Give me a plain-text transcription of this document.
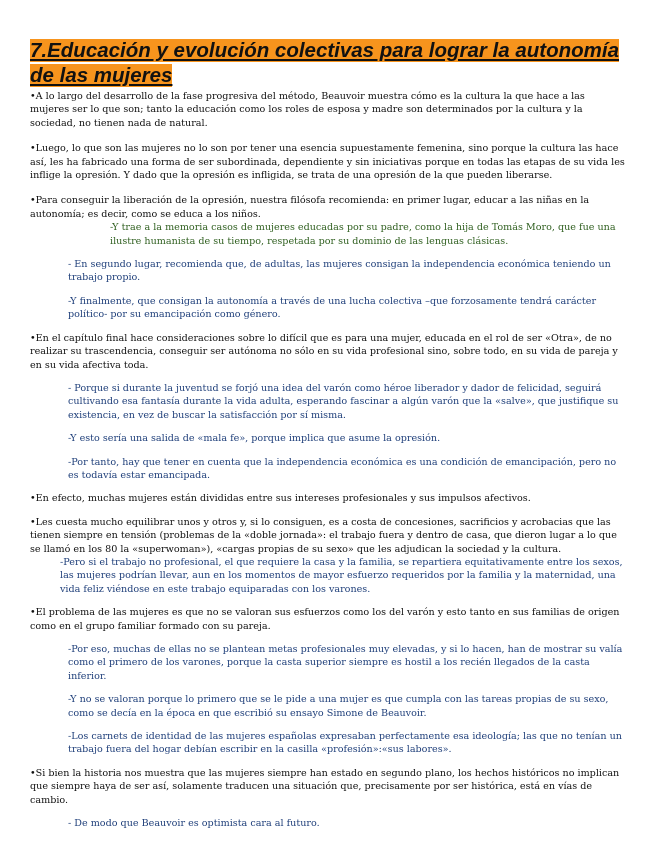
7.Educación y evolución colectivas para lograr la autonomía de las mujeres

•A lo largo del desarrollo de la fase progresiva del método, Beauvoir muestra cómo es la cultura la que hace a las mujeres ser lo que son; tanto la educación como los roles de esposa y madre son determinados por la cultura y la sociedad, no tienen nada de natural.

•Luego, lo que son las mujeres no lo son por tener una esencia supuestamente femenina, sino porque la cultura las hace así, les ha fabricado una forma de ser subordinada, dependiente y sin iniciativas porque en todas las etapas de su vida les inflige la opresión. Y dado que la opresión es infligida, se trata de una opresión de la que pueden liberarse.

•Para conseguir la liberación de la opresión, nuestra filósofa recomienda: en primer lugar, educar a las niñas en la autonomía; es decir, como se educa a los niños.

-Y trae a la memoria casos de mujeres educadas por su padre, como la hija de Tomás Moro, que fue una ilustre humanista de su tiempo, respetada por su dominio de las lenguas clásicas.

- En segundo lugar, recomienda que, de adultas, las mujeres consigan la independencia económica teniendo un trabajo propio.

-Y finalmente, que consigan la autonomía a través de una lucha colectiva –que forzosamente tendrá carácter político- por su emancipación como género.

•En el capítulo final hace consideraciones sobre lo difícil que es para una mujer, educada en el rol de ser «Otra», de no realizar su trascendencia, conseguir ser autónoma no sólo en su vida profesional sino, sobre todo, en su vida de pareja y en su vida afectiva toda.

- Porque si durante la juventud se forjó una idea del varón como héroe liberador y dador de felicidad, seguirá cultivando esa fantasía durante la vida adulta, esperando fascinar a algún varón que la «salve», que justifique su existencia, en vez de buscar la satisfacción por sí misma.

-Y esto sería una salida de «mala fe», porque implica que asume la opresión.

-Por tanto, hay que tener en cuenta que la independencia económica es una condición de emancipación, pero no es todavía estar emancipada.

•En efecto, muchas mujeres están divididas entre sus intereses profesionales y sus impulsos afectivos.

•Les cuesta mucho equilibrar unos y otros y, si lo consiguen, es a costa de concesiones, sacrificios y acrobacias que las tienen siempre en tensión (problemas de la «doble jornada»: el trabajo fuera y dentro de casa, que dieron lugar a lo que se llamó en los 80 la «superwoman»), «cargas propias de su sexo» que les adjudican la sociedad y la cultura.

-Pero si el trabajo no profesional, el que requiere la casa y la familia, se repartiera equitativamente entre los sexos, las mujeres podrían llevar, aun en los momentos de mayor esfuerzo requeridos por la familia y la maternidad, una vida feliz viéndose en este trabajo equiparadas con los varones.

•El problema de las mujeres es que no se valoran sus esfuerzos como los del varón y esto tanto en sus familias de origen como en el grupo familiar formado con su pareja.

-Por eso, muchas de ellas no se plantean metas profesionales muy elevadas, y si lo hacen, han de mostrar su valía como el primero de los varones, porque la casta superior siempre es hostil a los recién llegados de la casta inferior.

-Y no se valoran porque lo primero que se le pide a una mujer es que cumpla con las tareas propias de su sexo, como se decía en la época en que escribió su ensayo Simone de Beauvoir.

-Los carnets de identidad de las mujeres españolas expresaban perfectamente esa ideología; las que no tenían un trabajo fuera del hogar debían escribir en la casilla «profesión»:«sus labores».

•Si bien la historia nos muestra que las mujeres siempre han estado en segundo plano, los hechos históricos no implican que siempre haya de ser así, solamente traducen una situación que, precisamente por ser histórica, está en vías de cambio.

- De modo que Beauvoir es optimista cara al futuro.
